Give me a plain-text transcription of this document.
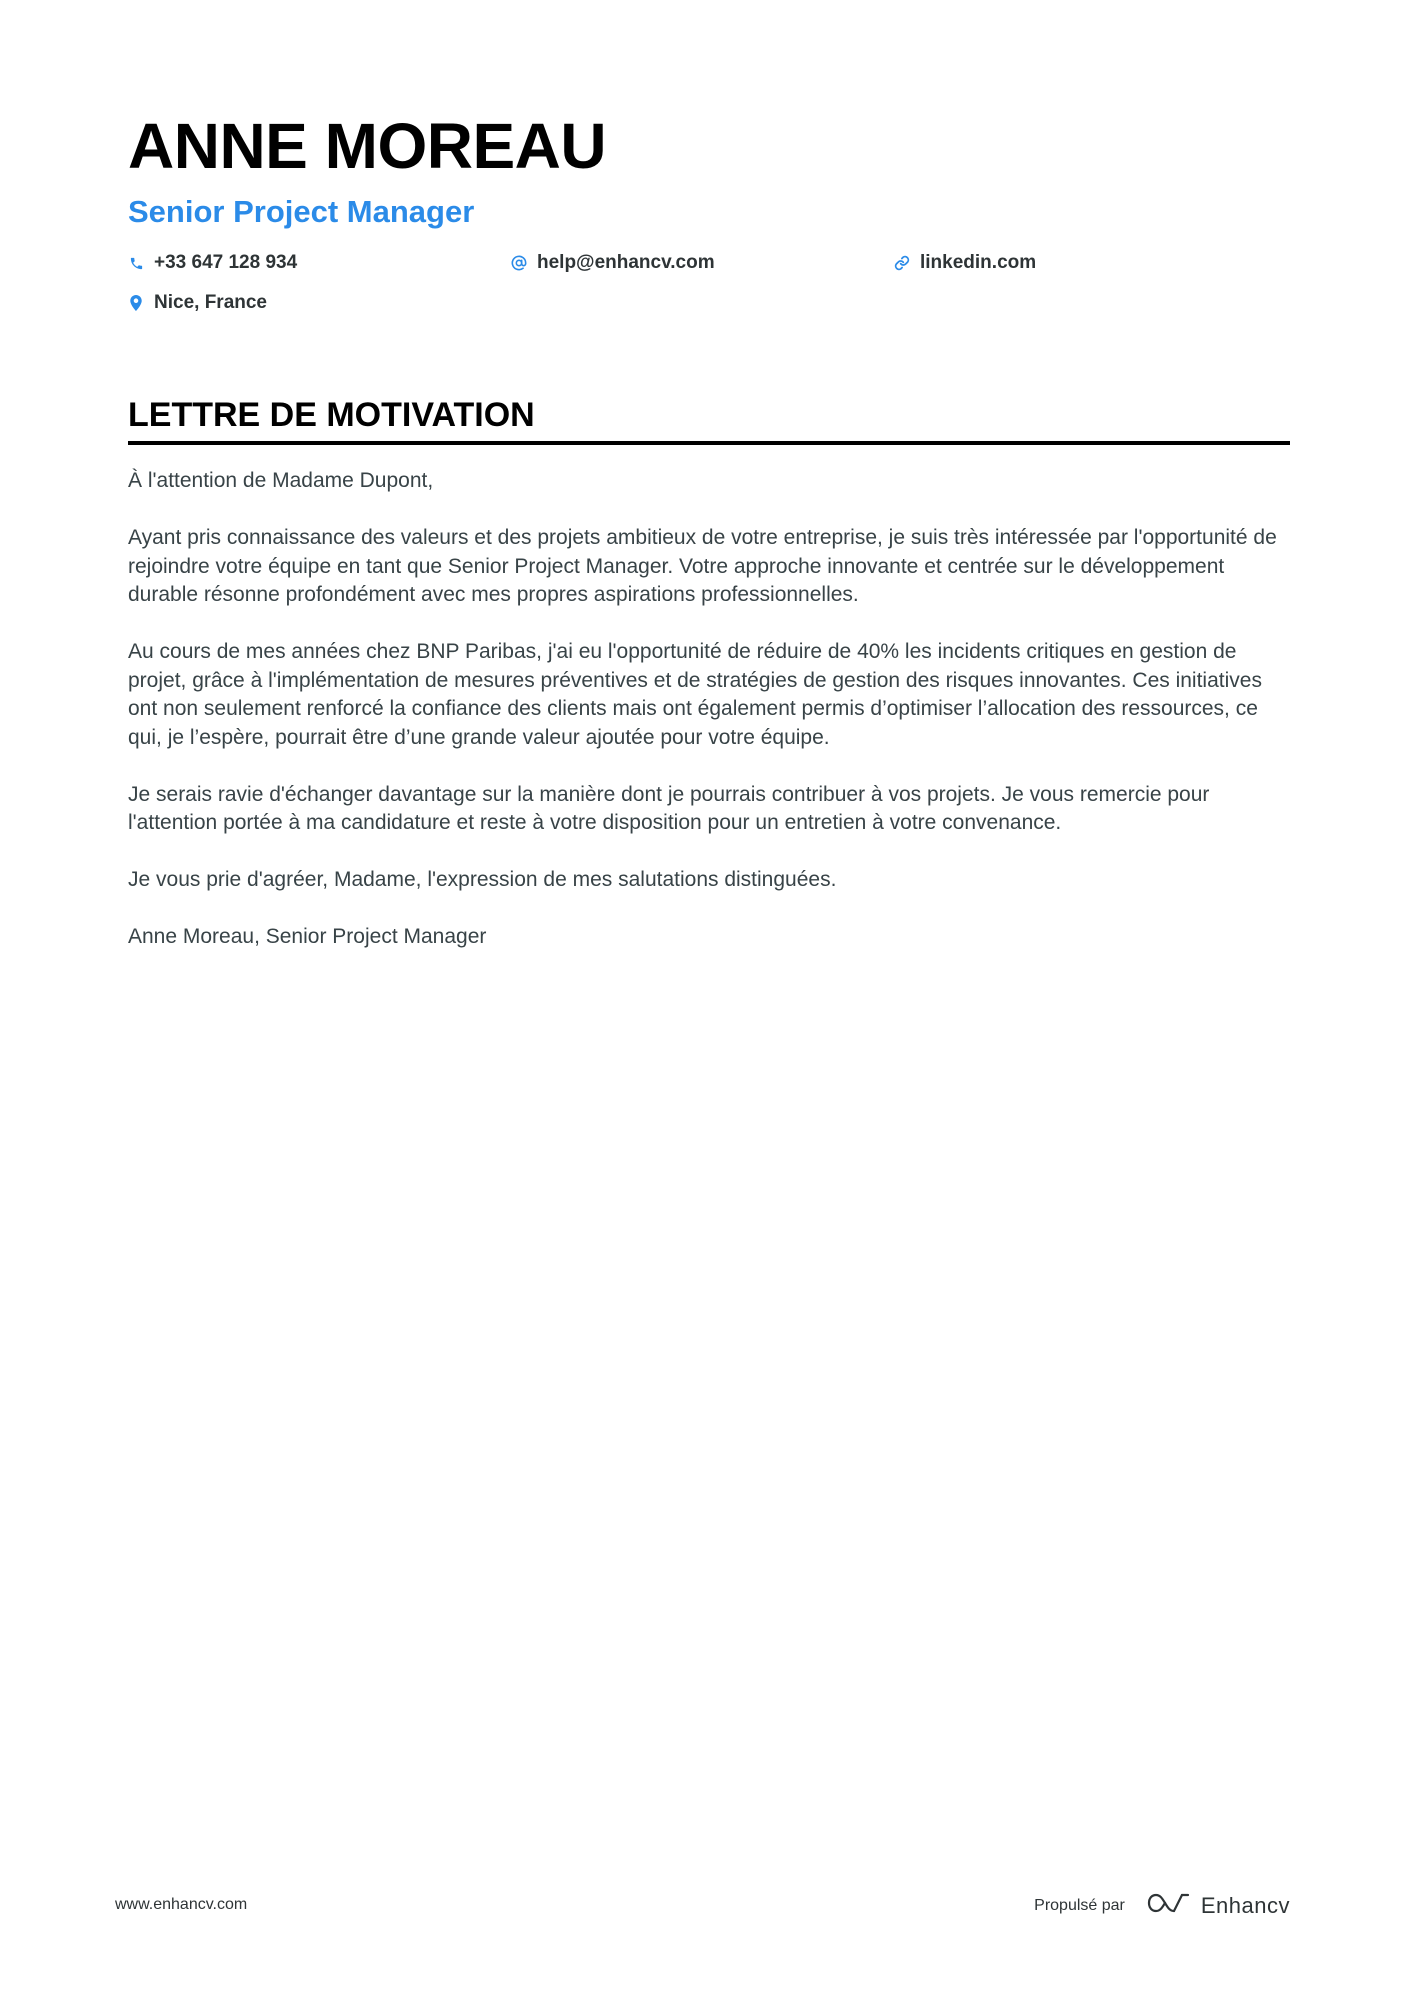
ANNE MOREAU
Senior Project Manager
+33 647 128 934	help@enhancv.com	linkedin.com
Nice, France
LETTRE DE MOTIVATION

À l'attention de Madame Dupont,

Ayant pris connaissance des valeurs et des projets ambitieux de votre entreprise, je suis très intéressée par l'opportunité de rejoindre votre équipe en tant que Senior Project Manager. Votre approche innovante et centrée sur le développement durable résonne profondément avec mes propres aspirations professionnelles.

Au cours de mes années chez BNP Paribas, j'ai eu l'opportunité de réduire de 40% les incidents critiques en gestion de projet, grâce à l'implémentation de mesures préventives et de stratégies de gestion des risques innovantes. Ces initiatives ont non seulement renforcé la confiance des clients mais ont également permis d’optimiser l’allocation des ressources, ce qui, je l’espère, pourrait être d’une grande valeur ajoutée pour votre équipe.

Je serais ravie d'échanger davantage sur la manière dont je pourrais contribuer à vos projets. Je vous remercie pour l'attention portée à ma candidature et reste à votre disposition pour un entretien à votre convenance.

Je vous prie d'agréer, Madame, l'expression de mes salutations distinguées.

Anne Moreau, Senior Project Manager

www.enhancv.com	Propulsé par	Enhancv
